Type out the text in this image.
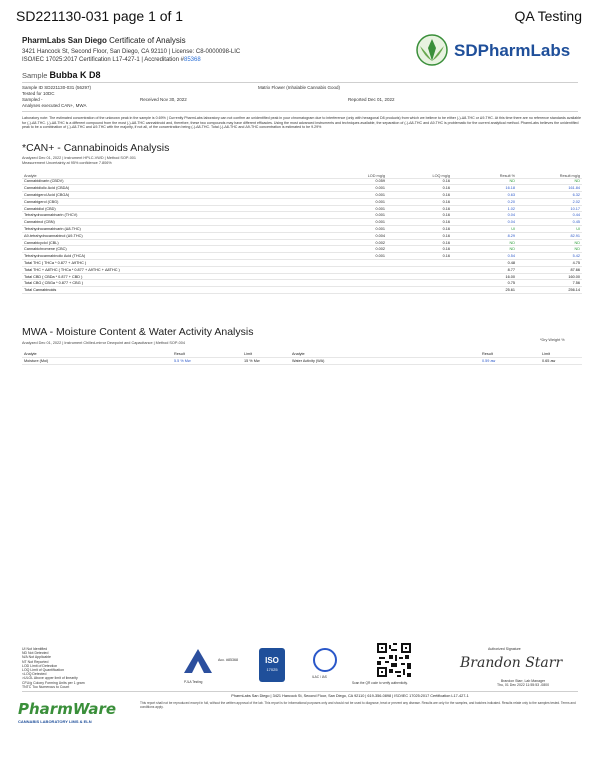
SD221130-031 page 1 of 1	QA Testing
PharmLabs San Diego Certificate of Analysis
3421 Hancock St, Second Floor, San Diego, CA 92110 | License: C8-0000098-LIC
ISO/IEC 17025:2017 Certification L17-427-1 | Accreditation #85368	SDPharmLabs
Sample Bubba K D8
Sample ID SD221130-031 (56297)	Matrix Flower (Inhalable Cannabis Good)
Tested for 10DC
Sampled -	Received Nov 30, 2022	Reported Dec 01, 2022
Analyses executed CAN+, MWA
Laboratory note: The estimated concentration of the unknown peak in the sample is 0.69% | Currently PharmLabs laboratory can not confirm an unidentified peak in your chromatogram due to interference (only with hexagonal D8 products) from which we believe to be either (-)-Δ8-THC or Δ9-THC. At this time there are no reference standards available for (-)-Δ8-THC. (-)-Δ8-THC is a different compound from the most (-)-Δ8-THC cannabinoid and, therefore, these two compounds may have different efficacies. Using the most advanced instruments and techniques available, the separation of (-)-Δ8-THC and Δ9-THC is problematic for the current analytical method. PharmLabs believes the unidentified peak to be a combination of (-)-Δ8-THC and Δ9-THC with the majority, if not all, of the concentration being (-)-Δ8-THC. Total (-)-Δ8-THC and Δ9-THC concentration is estimated to be 9.29%
*CAN+ - Cannabinoids Analysis
Analyzed Dec 01, 2022 | Instrument HPLC-VWD | Method SOP-001
Measurement Uncertainty at 95% confidence 7.806%
Analyte	LOD mg/g	LOQ mg/g	Result %	Result mg/g
Cannabidivarin (CBDV)	0.059	0.16	ND	ND
Cannabidiolic Acid (CBDA)	0.001	0.16	16.18	161.84
Cannabigerol Acid (CBGA)	0.001	0.16	0.63	6.32
Cannabigerol (CBG)	0.001	0.16	0.20	2.02
Cannabidiol (CBD)	0.001	0.16	1.02	10.17
Tetrahydrocannabivarin (THCV)	0.001	0.16	0.04	0.44
Cannabinol (CBN)	0.001	0.16	0.04	0.45
Tetrahydrocannabivarin (Δ8-THC)	0.001	0.16	UI	UI
Δ9-tetrahydrocannabinol (Δ9-THC)	0.004	0.16	8.29	82.91
Cannabicyclol (CBL)	0.002	0.16	ND	ND
Cannabichromene (CBC)	0.002	0.16	ND	ND
Tetrahydrocannabinolic Acid (THCA)	0.001	0.16	0.54	5.42
Total THC ( THCa * 0.877 + Δ9THC )			0.48	4.75
Total THC + Δ8THC ( THCa * 0.877 + Δ9THC + Δ8THC )			8.77	87.66
Total CBD ( CBDa * 0.877 + CBD )			16.00	160.00
Total CBG ( CBGa * 0.877 + CBG )			0.75	7.56
Total Cannabinoids			25.61	256.14
*Dry Weight %
MWA - Moisture Content & Water Activity Analysis
Analyzed Dec 01, 2022 | Instrument Chilled-mirror Dewpoint and Capacitance | Method SOP-004
Analyte	Result	Limit	Analyte	Result	Limit
Moisture (Moi)	5.5 % Mw	15 % Mw	Water Activity (WA)	0.59 aw	0.65 aw
UI Not Identified
ND Not Detected
N/A Not Applicable
NT Not Reported
LOD Limit of Detection
LOQ Limit of Quantification
<LOQ Detected
>ULOL Above upper limit of linearity
CFU/g Colony Forming Units per 1 gram
TNTC Too Numerous to Count
Acc. #85368
PJLA Testing
ISO
17025
ILAC / IAS
Scan the QR code to verify authenticity.
Authorized Signature
Brandon Starr
Brandon Starr, Lab Manager
Thu, 01 Dec 2022 11:55:53 -0800
PharmLabs San Diego | 3421 Hancock St, Second Floor, San Diego, CA 92110 | 619-356-0898 | ISO/IEC 17025:2017 Certification L17-427-1
This report shall not be reproduced except in full, without the written approval of the lab. This report is for informational purposes only and should not be used to diagnose, treat or prevent any disease. Results are only for the samples, and batches indicated. Results relate only to the samples tested. Terms and conditions apply.
PharmWare
CANNABIS LABORATORY LIMS & ELN
